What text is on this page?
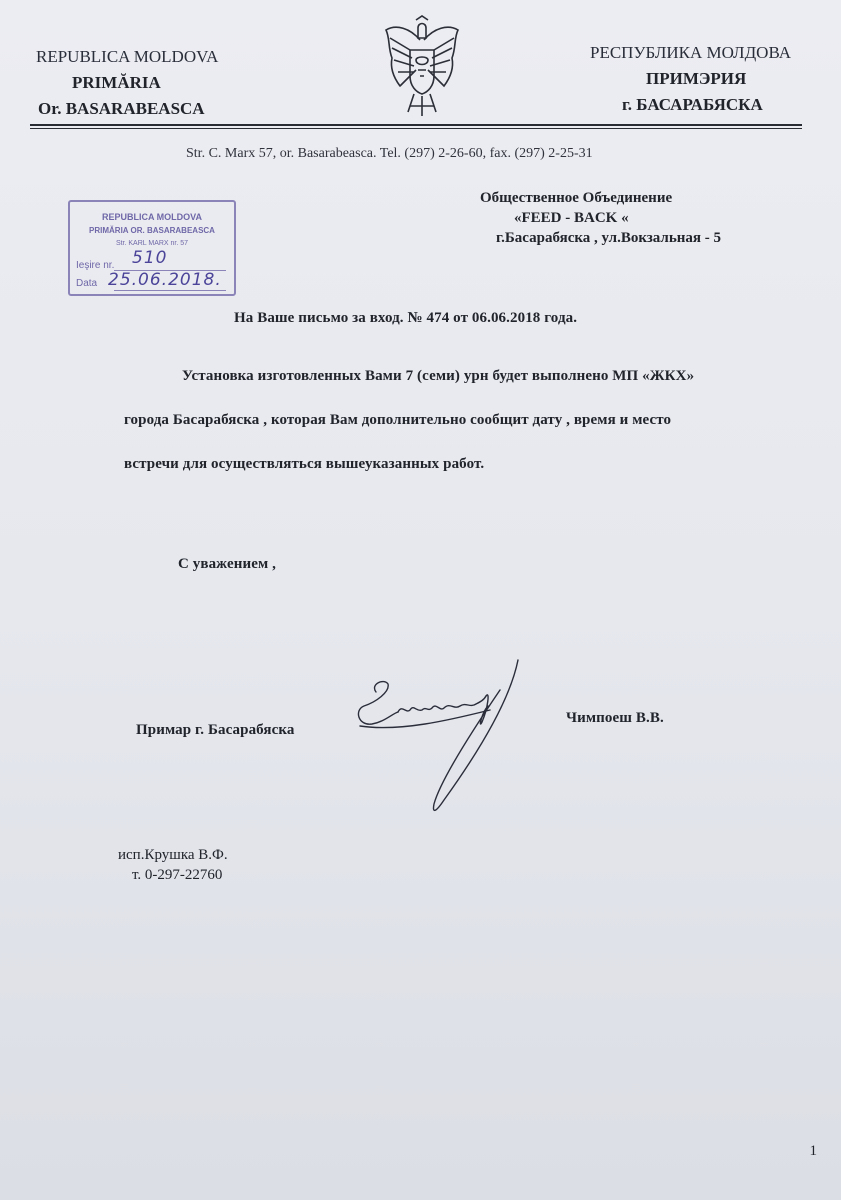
REPUBLICA MOLDOVA
PRIMĂRIA
Or. BASARABEASCA
РЕСПУБЛИКА МОЛДОВА
ПРИМЭРИЯ
г. БАСАРАБЯСКА
Str. C. Marx 57, or. Basarabeasca. Tel. (297) 2-26-60, fax. (297) 2-25-31
REPUBLICA MOLDOVA
PRIMĂRIA OR. BASARABEASCA
Str. KARL MARX nr. 57
Ieşire nr. 510
Data 25.06.2018.
Общественное Объединение
«FEED - BACK «
г.Басарабяска , ул.Вокзальная - 5
На Ваше письмо за вход. № 474 от 06.06.2018 года.
Установка изготовленных Вами 7 (семи) урн будет выполнено МП «ЖКХ»
города Басарабяска , которая Вам дополнительно сообщит дату , время и место
встречи для осуществляться вышеуказанных работ.
С уважением ,
Примар г. Басарабяска
Чимпоеш В.В.
исп.Крушка В.Ф.
т. 0-297-22760
1
